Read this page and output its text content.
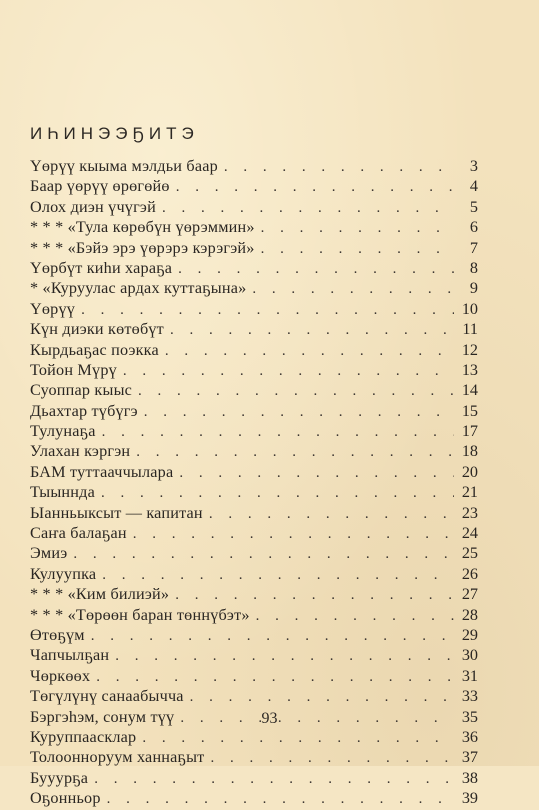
ИҺИНЭЭҔИТЭ
Үөрүү кыыма мэлдьи баар . . .	3
Баар үөрүү өрөгөйө . . .	4
Олох диэн үчүгэй . . .	5
* * * «Тула көрөбүн үөрэммин» . . .	6
* * * «Бэйэ эрэ үөрэрэ кэрэгэй» . . .	7
Үөрбүт киһи хараҕа . . .	8
* «Куруулас ардах куттаҕына» . . .	9
Үөрүү . . .	10
Күн диэки көтөбүт . . .	11
Кырдьаҕас поэкка . . .	12
Тойон Мүрү . . .	13
Суоппар кыыс . . .	14
Дьахтар түбүгэ . . .	15
Тулунаҕа . . .	17
Улахан кэргэн . . .	18
БАМ туттааччылара . . .	20
Тыыннда . . .	21
Ыанньыксыт — капитан . . .	23
Саҥа балаҕан . . .	24
Эмиэ . . .	25
Кулуупка . . .	26
* * * «Ким билиэй» . . .	27
* * * «Төрөөн баран төннүбэт» . . .	28
Өтөҕүм . . .	29
Чапчылҕан . . .	30
Чөркөөх . . .	31
Төгүлүнү санаабычча . . .	33
Бэргэһэм, сонум түү . . .	35
Куруппаасклар . . .	36
Толоонноруум ханнаҕыт . . .	37
Бууурҕа . . .	38
Оҕонньор . . .	39
93
